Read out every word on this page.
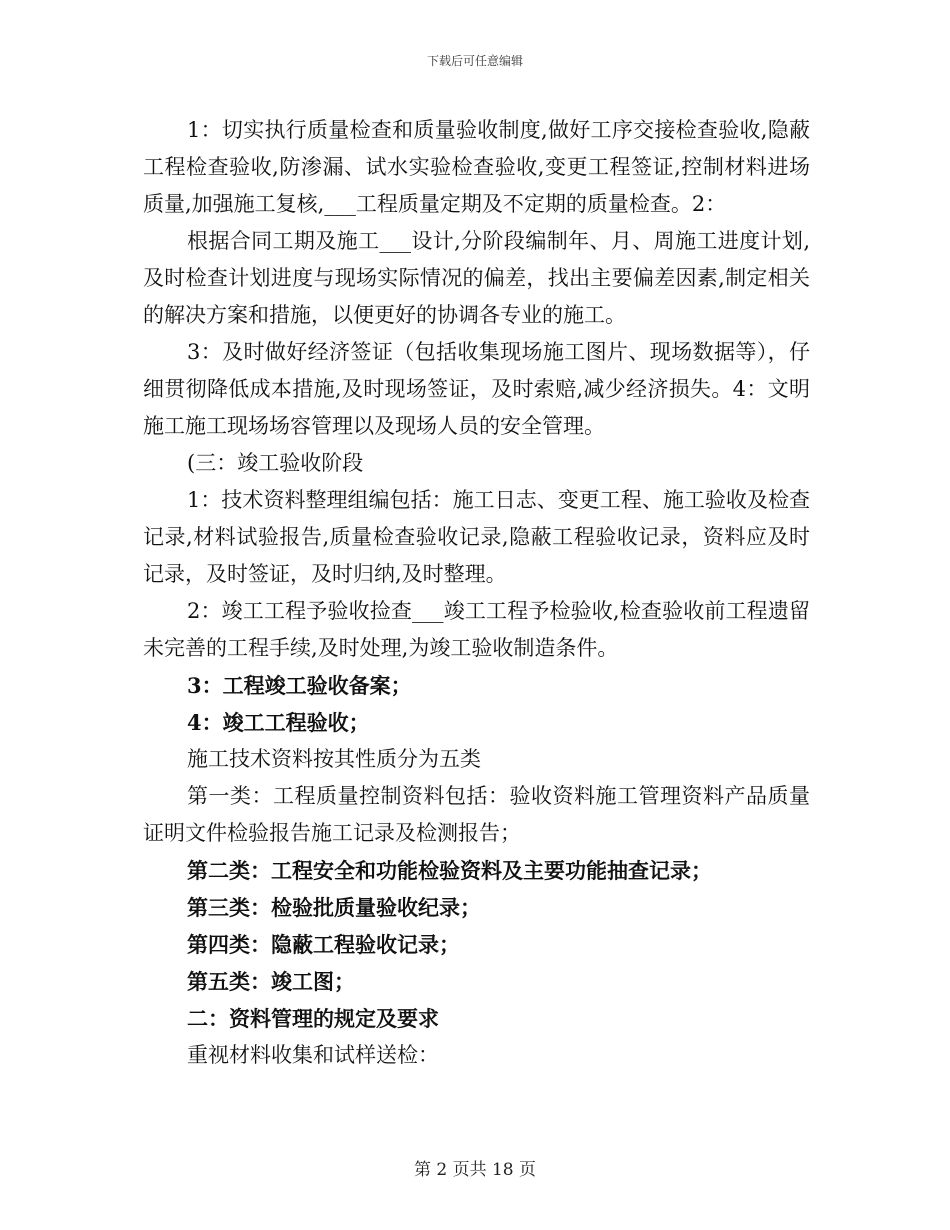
下载后可任意编辑

1：切实执行质量检查和质量验收制度,做好工序交接检查验收,隐蔽工程检查验收,防渗漏、试水实验检查验收,变更工程签证,控制材料进场质量,加强施工复核,___工程质量定期及不定期的质量检查。2：

根据合同工期及施工___设计,分阶段编制年、月、周施工进度计划,及时检查计划进度与现场实际情况的偏差，找出主要偏差因素,制定相关的解决方案和措施，以便更好的协调各专业的施工。

3：及时做好经济签证（包括收集现场施工图片、现场数据等），仔细贯彻降低成本措施,及时现场签证，及时索赔,减少经济损失。4：文明施工施工现场场容管理以及现场人员的安全管理。

(三：竣工验收阶段

1：技术资料整理组编包括：施工日志、变更工程、施工验收及检查记录,材料试验报告,质量检查验收记录,隐蔽工程验收记录，资料应及时记录，及时签证，及时归纳,及时整理。

2：竣工工程予验收捡查___竣工工程予检验收,检查验收前工程遗留未完善的工程手续,及时处理,为竣工验收制造条件。

3：工程竣工验收备案；

4：竣工工程验收；

施工技术资料按其性质分为五类

第一类：工程质量控制资料包括：验收资料施工管理资料产品质量证明文件检验报告施工记录及检测报告；

第二类：工程安全和功能检验资料及主要功能抽查记录；

第三类：检验批质量验收纪录；

第四类：隐蔽工程验收记录；

第五类：竣工图；

二：资料管理的规定及要求

重视材料收集和试样送检：

第 2 页共 18 页
